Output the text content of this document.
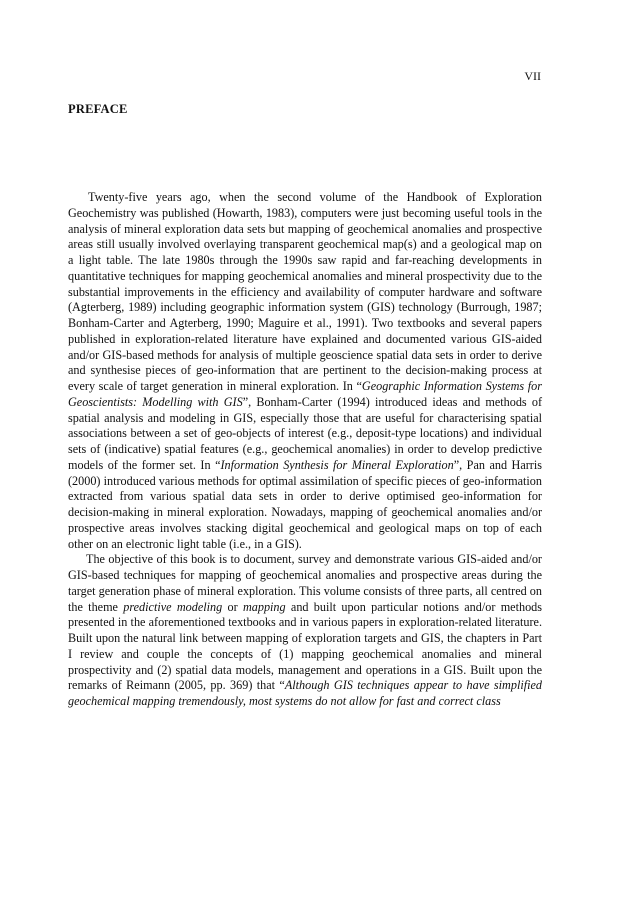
VII
PREFACE

Twenty-five years ago, when the second volume of the Handbook of Exploration Geochemistry was published (Howarth, 1983), computers were just becoming useful tools in the analysis of mineral exploration data sets but mapping of geochemical anomalies and prospective areas still usually involved overlaying transparent geochemical map(s) and a geological map on a light table. The late 1980s through the 1990s saw rapid and far-reaching developments in quantitative techniques for mapping geochemical anomalies and mineral prospectivity due to the substantial improvements in the efficiency and availability of computer hardware and software (Agterberg, 1989) including geographic information system (GIS) technology (Burrough, 1987; Bonham-Carter and Agterberg, 1990; Maguire et al., 1991). Two textbooks and several papers published in exploration-related literature have explained and documented various GIS-aided and/or GIS-based methods for analysis of multiple geoscience spatial data sets in order to derive and synthesise pieces of geo-information that are pertinent to the decision-making process at every scale of target generation in mineral exploration. In “Geographic Information Systems for Geoscientists: Modelling with GIS”, Bonham-Carter (1994) introduced ideas and methods of spatial analysis and modeling in GIS, especially those that are useful for characterising spatial associations between a set of geo-objects of interest (e.g., deposit-type locations) and individual sets of (indicative) spatial features (e.g., geochemical anomalies) in order to develop predictive models of the former set. In “Information Synthesis for Mineral Exploration”, Pan and Harris (2000) introduced various methods for optimal assimilation of specific pieces of geo-information extracted from various spatial data sets in order to derive optimised geo-information for decision-making in mineral exploration. Nowadays, mapping of geochemical anomalies and/or prospective areas involves stacking digital geochemical and geological maps on top of each other on an electronic light table (i.e., in a GIS).

The objective of this book is to document, survey and demonstrate various GIS-aided and/or GIS-based techniques for mapping of geochemical anomalies and prospective areas during the target generation phase of mineral exploration. This volume consists of three parts, all centred on the theme predictive modeling or mapping and built upon particular notions and/or methods presented in the aforementioned textbooks and in various papers in exploration-related literature. Built upon the natural link between mapping of exploration targets and GIS, the chapters in Part I review and couple the concepts of (1) mapping geochemical anomalies and mineral prospectivity and (2) spatial data models, management and operations in a GIS. Built upon the remarks of Reimann (2005, pp. 369) that “Although GIS techniques appear to have simplified geochemical mapping tremendously, most systems do not allow for fast and correct class
